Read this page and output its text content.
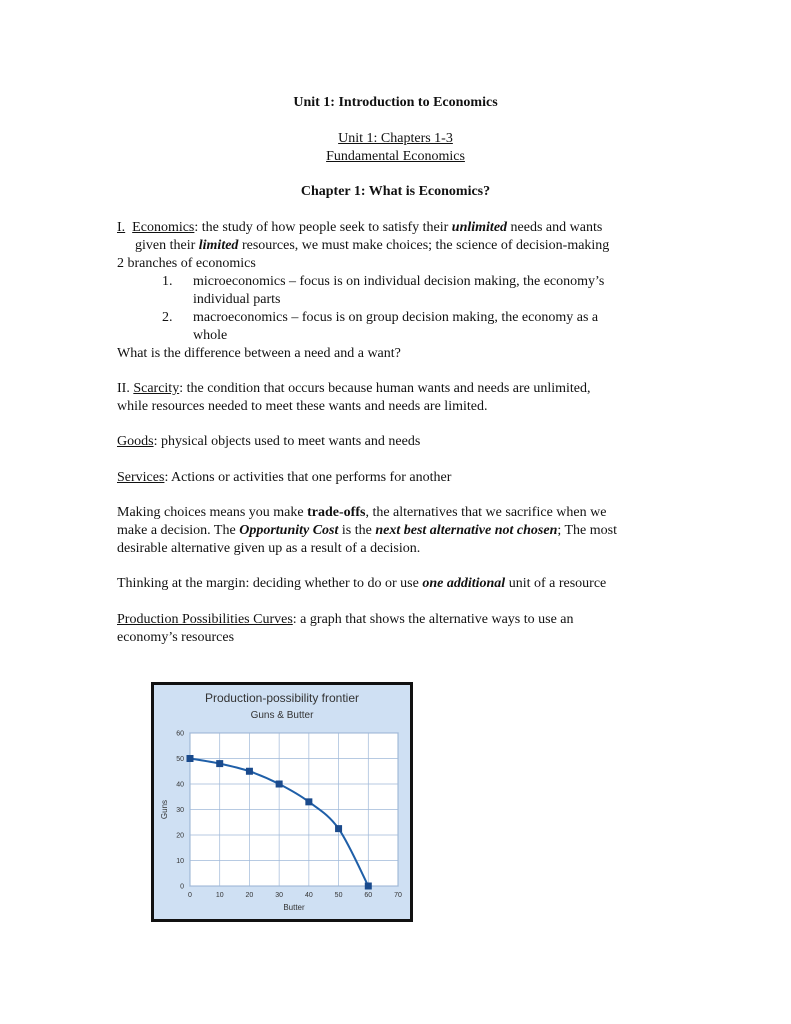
Unit 1: Introduction to Economics
Unit 1: Chapters 1-3
Fundamental Economics
Chapter 1: What is Economics?
I. Economics: the study of how people seek to satisfy their unlimited needs and wants
given their limited resources, we must make choices; the science of decision-making
2 branches of economics
1. microeconomics – focus is on individual decision making, the economy’s
individual parts
2. macroeconomics – focus is on group decision making, the economy as a
whole
What is the difference between a need and a want?
II. Scarcity: the condition that occurs because human wants and needs are unlimited,
while resources needed to meet these wants and needs are limited.
Goods: physical objects used to meet wants and needs
Services: Actions or activities that one performs for another
Making choices means you make trade-offs, the alternatives that we sacrifice when we
make a decision. The Opportunity Cost is the next best alternative not chosen; The most
desirable alternative given up as a result of a decision.
Thinking at the margin: deciding whether to do or use one additional unit of a resource
Production Possibilities Curves: a graph that shows the alternative ways to use an
economy’s resources
Production-possibility frontier
Guns & Butter
0	10	20	30	40	50	60	70
0
10
20
30
40
50
60
Butter
Guns
